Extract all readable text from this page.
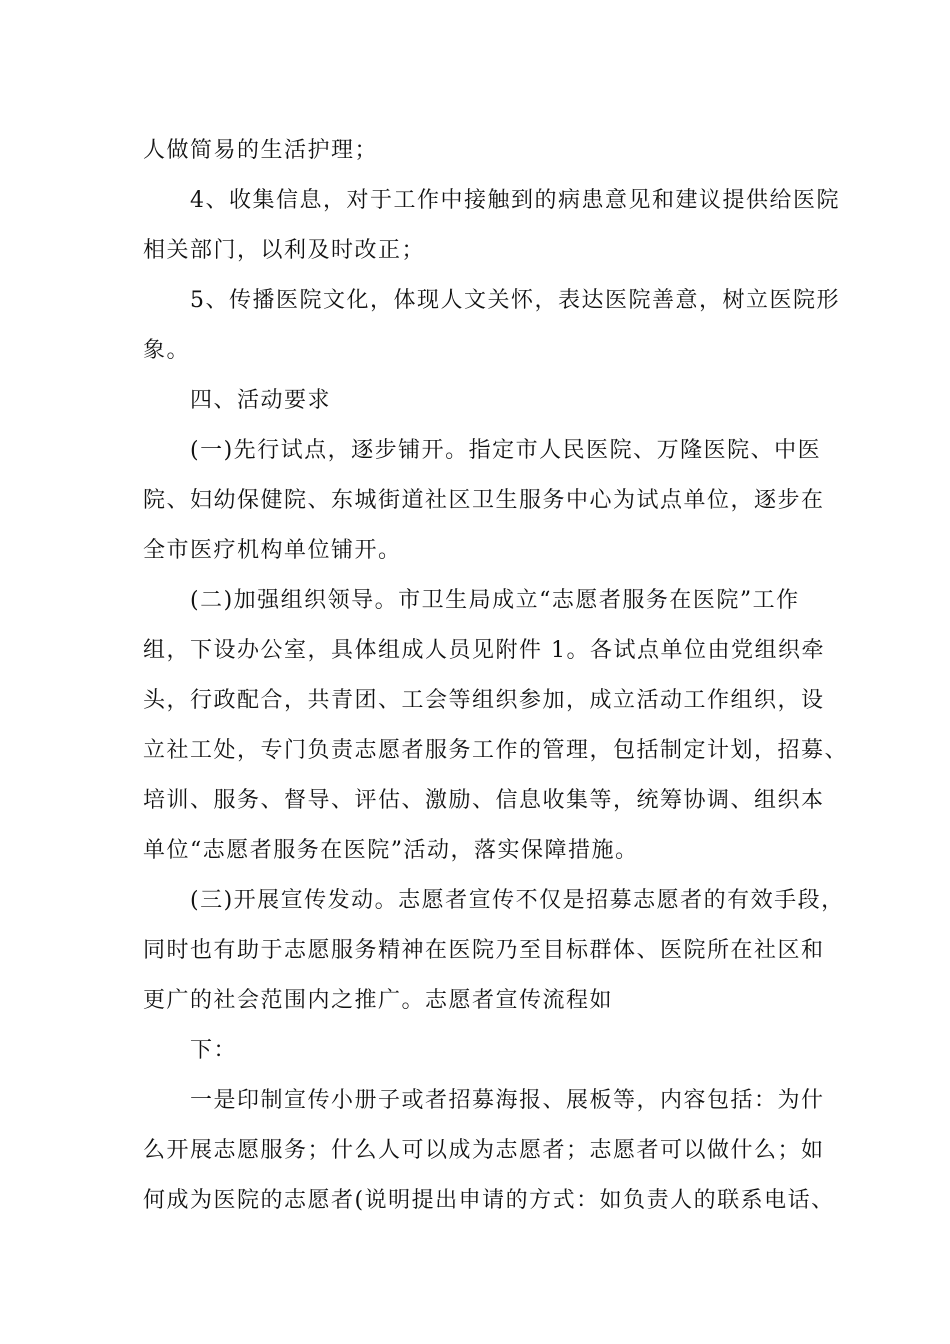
人做简易的生活护理；
4、收集信息，对于工作中接触到的病患意见和建议提供给医院
相关部门，以利及时改正；
5、传播医院文化，体现人文关怀，表达医院善意，树立医院形
象。
四、活动要求
(一)先行试点，逐步铺开。指定市人民医院、万隆医院、中医
院、妇幼保健院、东城街道社区卫生服务中心为试点单位，逐步在
全市医疗机构单位铺开。
(二)加强组织领导。市卫生局成立“志愿者服务在医院”工作
组，下设办公室，具体组成人员见附件 1。各试点单位由党组织牵
头，行政配合，共青团、工会等组织参加，成立活动工作组织，设
立社工处，专门负责志愿者服务工作的管理，包括制定计划，招募、
培训、服务、督导、评估、激励、信息收集等，统筹协调、组织本
单位“志愿者服务在医院”活动，落实保障措施。
(三)开展宣传发动。志愿者宣传不仅是招募志愿者的有效手段，
同时也有助于志愿服务精神在医院乃至目标群体、医院所在社区和
更广的社会范围内之推广。志愿者宣传流程如
下：
一是印制宣传小册子或者招募海报、展板等，内容包括：为什
么开展志愿服务；什么人可以成为志愿者；志愿者可以做什么；如
何成为医院的志愿者(说明提出申请的方式：如负责人的联系电话、
